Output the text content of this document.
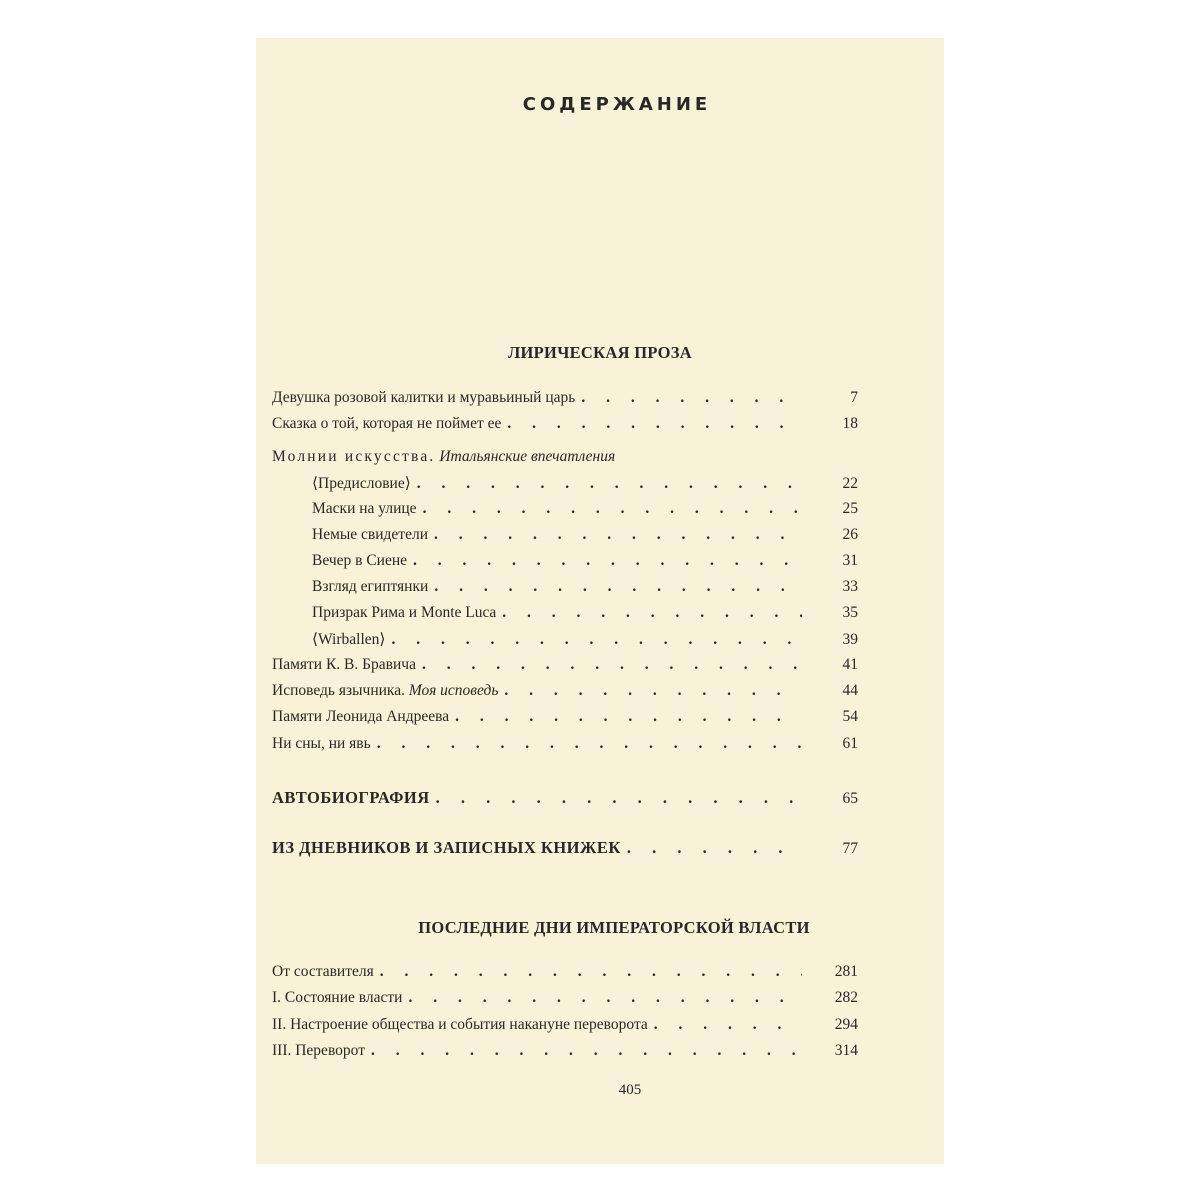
СОДЕРЖАНИЕ
ЛИРИЧЕСКАЯ ПРОЗА
Девушка розовой калитки и муравьиный царь . . .	7
Сказка о той, которая не поймет ее . . .	18
Молнии искусства. Итальянские впечатления
⟨Предисловие⟩ . . .	22
Маски на улице . . .	25
Немые свидетели . . .	26
Вечер в Сиене . . .	31
Взгляд египтянки . . .	33
Призрак Рима и Monte Luca . . .	35
⟨Wirballen⟩ . . .	39
Памяти К. В. Бравича . . .	41
Исповедь язычника. Моя исповедь . . .	44
Памяти Леонида Андреева . . .	54
Ни сны, ни явь . . .	61
АВТОБИОГРАФИЯ . . .	65
ИЗ ДНЕВНИКОВ И ЗАПИСНЫХ КНИЖЕК . . .	77
ПОСЛЕДНИЕ ДНИ ИМПЕРАТОРСКОЙ ВЛАСТИ
От составителя . . .	281
I. Состояние власти . . .	282
II. Настроение общества и события накануне переворота . . .	294
III. Переворот . . .	314
405
